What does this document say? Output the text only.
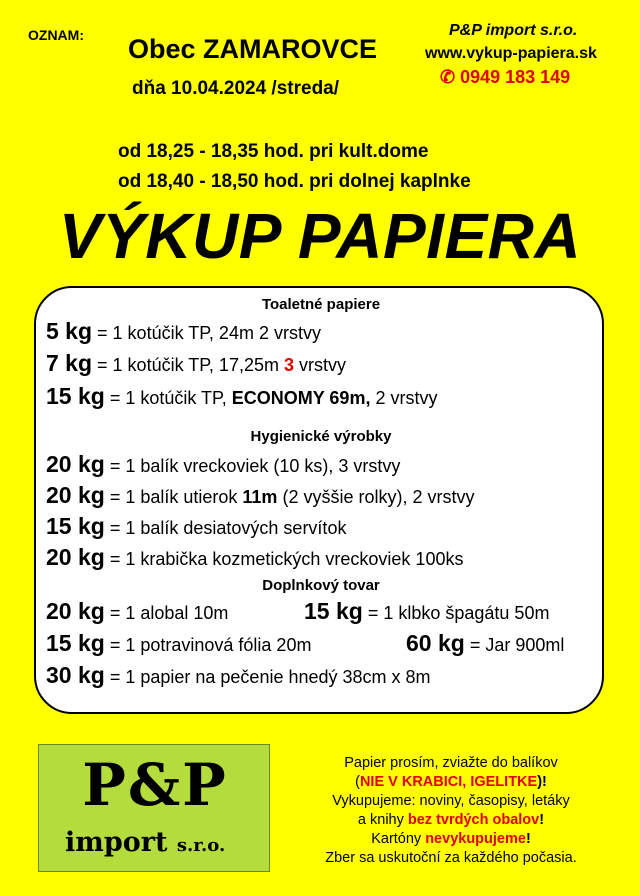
OZNAM: Obec ZAMAROVCE
dňa 10.04.2024 /streda/
P&P import s.r.o.
www.vykup-papiera.sk
✆ 0949 183 149
od 18,25 - 18,35 hod. pri kult.dome
od 18,40 - 18,50 hod. pri dolnej kaplnke
VÝKUP PAPIERA
Toaletné papiere
5 kg = 1 kotúčik TP, 24m 2 vrstvy
7 kg = 1 kotúčik TP, 17,25m 3 vrstvy
15 kg = 1 kotúčik TP, ECONOMY 69m, 2 vrstvy
Hygienické výrobky
20 kg = 1 balík vreckoviek (10 ks), 3 vrstvy
20 kg = 1 balík utierok 11m (2 vyššie rolky), 2 vrstvy
15 kg = 1 balík desiatových servítok
20 kg = 1 krabička kozmetických vreckoviek 100ks
Doplnkový tovar
20 kg = 1 alobal 10m	15 kg = 1 klbko špagátu 50m
15 kg = 1 potravinová fólia 20m	60 kg = Jar 900ml
30 kg = 1 papier na pečenie hnedý 38cm x 8m
P&P
import s.r.o.
Papier prosím, zviažte do balíkov
(NIE V KRABICI, IGELITKE)!
Vykupujeme: noviny, časopisy, letáky
a knihy bez tvrdých obalov!
Kartóny nevykupujeme!
Zber sa uskutoční za každého počasia.
